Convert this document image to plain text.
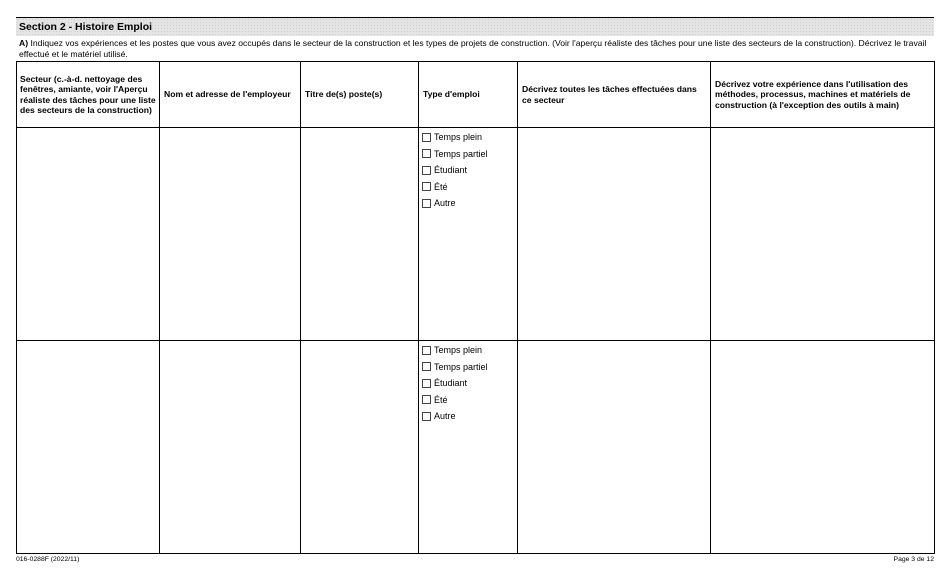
Section 2 - Histoire Emploi
A) Indiquez vos expériences et les postes que vous avez occupés dans le secteur de la construction et les types de projets de construction. (Voir l'aperçu réaliste des tâches pour une liste des secteurs de la construction). Décrivez le travail effectué et le matériel utilisé.
Secteur (c.-à-d. nettoyage des fenêtres, amiante, voir l'Aperçu réaliste des tâches pour une liste des secteurs de la construction)	Nom et adresse de l'employeur	Titre de(s) poste(s)	Type d'emploi	Décrivez toutes les tâches effectuées dans ce secteur	Décrivez votre expérience dans l'utilisation des méthodes, processus, machines et matériels de construction (à l'exception des outils à main)

			Temps plein
Temps partiel
Étudiant
Été
Autre		

			Temps plein
Temps partiel
Étudiant
Été
Autre		

016-0288F (2022/11)	Page 3 de 12
